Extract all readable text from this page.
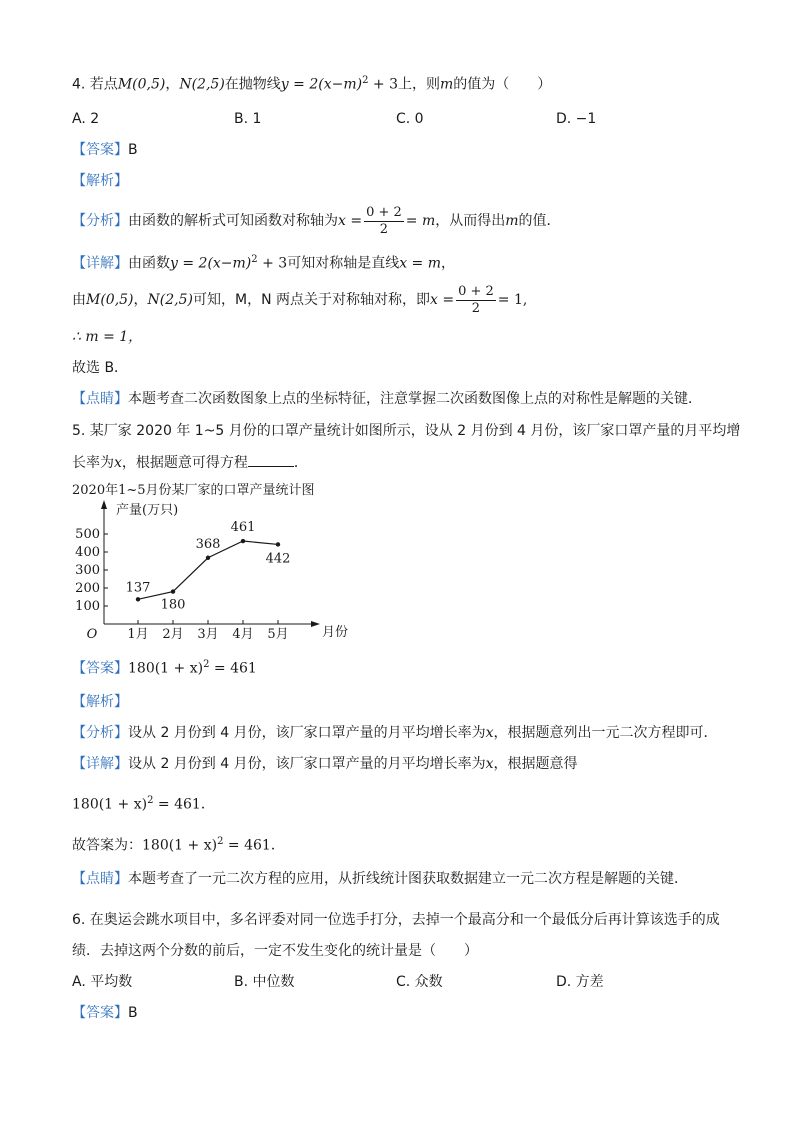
4. 若点M(0,5)，N(2,5)在抛物线$y = 2(x-m)^2 + 3$上，则m的值为（　　）
A. 2	B. 1	C. 0	D. −1
【答案】B
【解析】
【分析】由函数的解析式可知函数对称轴为$x = \frac{0 + 2}{2} = m$，从而得出m的值．
【详解】由函数$y = 2(x-m)^2 + 3$可知对称轴是直线x = m，
由M(0,5)，N(2,5)可知，M，N 两点关于对称轴对称，即$x = \frac{0 + 2}{2} = 1$,
∴ m = 1，
故选 B．
【点睛】本题考查二次函数图象上点的坐标特征，注意掌握二次函数图像上点的对称性是解题的关键．
5. 某厂家 2020 年 1~5 月份的口罩产量统计如图所示，设从 2 月份到 4 月份，该厂家口罩产量的月平均增
长率为x，根据题意可得方程	．
2020年1~5月份某厂家的口罩产量统计图
产量(万只)
月份
O
100
200
300
400
500
1月 2月 3月 4月 5月
137
180
368
461
442
【答案】$180(1 + x)^2 = 461$
【解析】
【分析】设从 2 月份到 4 月份，该厂家口罩产量的月平均增长率为x，根据题意列出一元二次方程即可．
【详解】设从 2 月份到 4 月份，该厂家口罩产量的月平均增长率为x，根据题意得
$180(1 + x)^2 = 461$．
故答案为：$180(1 + x)^2 = 461$．
【点睛】本题考查了一元二次方程的应用，从折线统计图获取数据建立一元二次方程是解题的关键．
6. 在奥运会跳水项目中，多名评委对同一位选手打分，去掉一个最高分和一个最低分后再计算该选手的成
绩．去掉这两个分数的前后，一定不发生变化的统计量是（　　）
A. 平均数	B. 中位数	C. 众数	D. 方差
【答案】B
